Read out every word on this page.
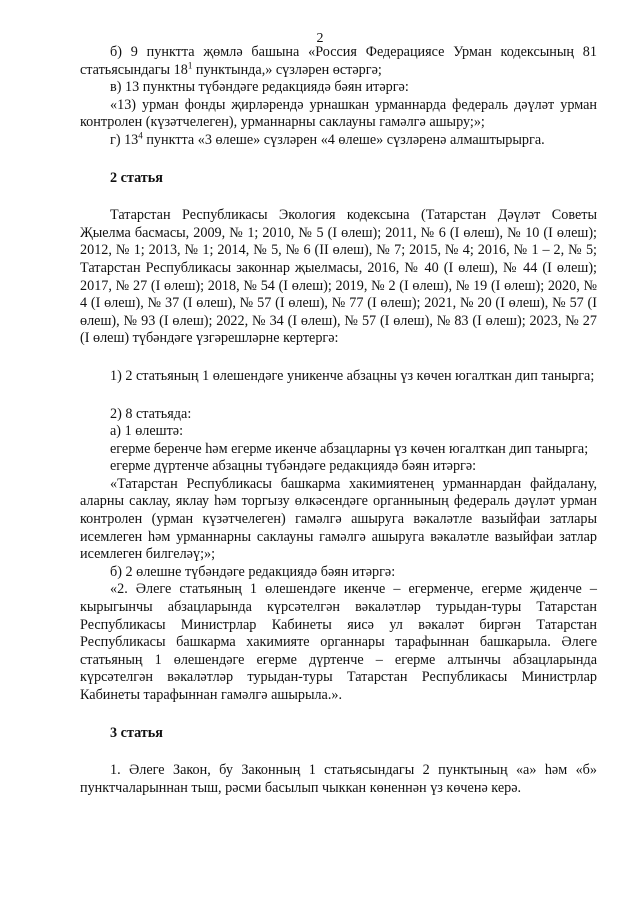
2

б) 9 пунктта җөмлә башына «Россия Федерациясе Урман кодексының 81 статьясындагы $18^1$ пунктында,» сүзләрен өстәргә;

в) 13 пунктны түбәндәге редакциядә бәян итәргә:

«13) урман фонды җирләрендә урнашкан урманнарда федераль дәүләт урман контролен (күзәтчелеген), урманнарны саклауны гамәлгә ашыру;»;

г) $13^4$ пунктта «3 өлеше» сүзләрен «4 өлеше» сүзләренә алмаштырырга.

2 статья

Татарстан Республикасы Экология кодексына (Татарстан Дәүләт Советы Җыелма басмасы, 2009, № 1; 2010, № 5 (I өлеш); 2011, № 6 (I өлеш), № 10 (I өлеш); 2012, № 1; 2013, № 1; 2014, № 5, № 6 (II өлеш), № 7; 2015, № 4; 2016, № 1 – 2, № 5; Татарстан Республикасы законнар җыелмасы, 2016, № 40 (I өлеш), № 44 (I өлеш); 2017, № 27 (I өлеш); 2018, № 54 (I өлеш); 2019, № 2 (I өлеш), № 19 (I өлеш); 2020, № 4 (I өлеш), № 37 (I өлеш), № 57 (I өлеш), № 77 (I өлеш); 2021, № 20 (I өлеш), № 57 (I өлеш), № 93 (I өлеш); 2022, № 34 (I өлеш), № 57 (I өлеш), № 83 (I өлеш); 2023, № 27 (I өлеш) түбәндәге үзгәрешләрне кертергә:

1) 2 статьяның 1 өлешендәге уникенче абзацны үз көчен югалткан дип танырга;

2) 8 статьяда:

а) 1 өлештә:

егерме беренче һәм егерме икенче абзацларны үз көчен югалткан дип танырга;

егерме дүртенче абзацны түбәндәге редакциядә бәян итәргә:

«Татарстан Республикасы башкарма хакимиятенең урманнардан файдалану, аларны саклау, яклау һәм торгызу өлкәсендәге органнының федераль дәүләт урман контролен (урман күзәтчелеген) гамәлгә ашыруга вәкаләтле вазыйфаи затлары исемлеген һәм урманнарны саклауны гамәлгә ашыруга вәкаләтле вазыйфаи затлар исемлеген билгеләү;»;

б) 2 өлешне түбәндәге редакциядә бәян итәргә:

«2. Әлеге статьяның 1 өлешендәге икенче – егерменче, егерме җиденче – кырыгынчы абзацларында күрсәтелгән вәкаләтләр турыдан-туры Татарстан Республикасы Министрлар Кабинеты яисә ул вәкаләт биргән Татарстан Республикасы башкарма хакимияте органнары тарафыннан башкарыла. Әлеге статьяның 1 өлешендәге егерме дүртенче – егерме алтынчы абзацларында күрсәтелгән вәкаләтләр турыдан-туры Татарстан Республикасы Министрлар Кабинеты тарафыннан гамәлгә ашырыла.».

3 статья

1. Әлеге Закон, бу Законның 1 статьясындагы 2 пунктының «а» һәм «б» пунктчаларыннан тыш, рәсми басылып чыккан көненнән үз көченә керә.
